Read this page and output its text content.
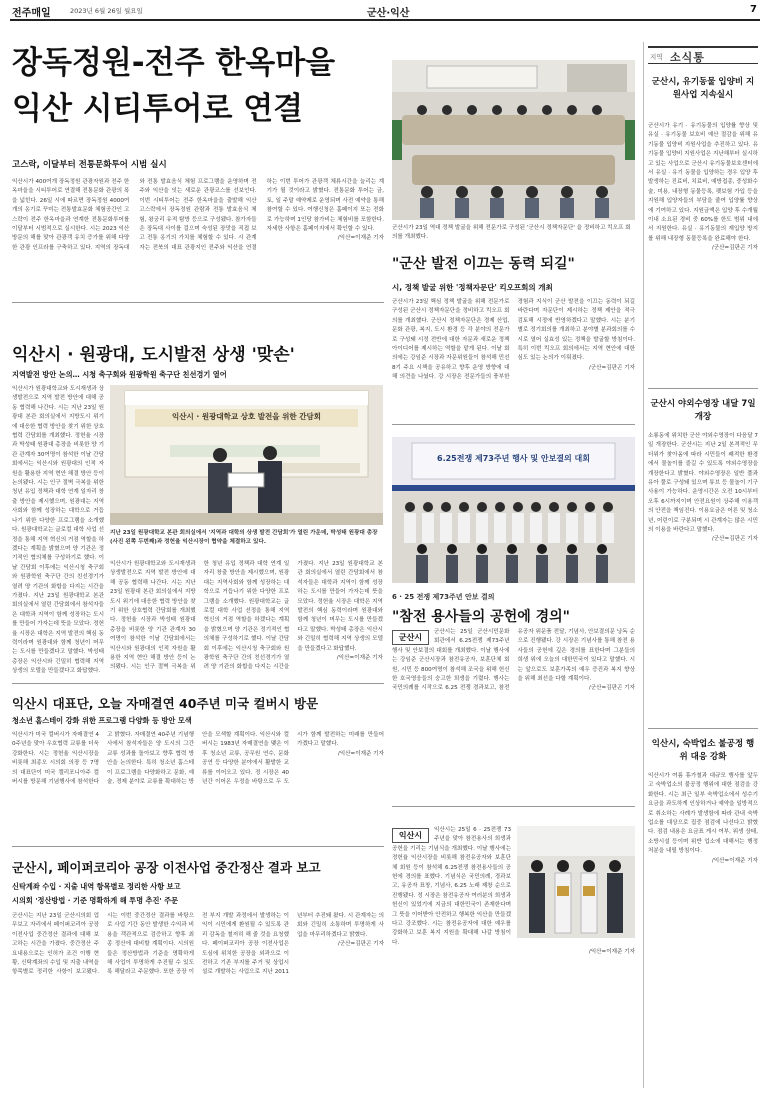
전주매일	2023년 6월 26일 월요일	군산·익산	7
장독정원-전주 한옥마을
익산 시티투어로 연결
고스락, 이달부터 전통문화투어 시범 실시
익산시가 400여개 장독정원 관광자원과 전주 한옥마을을 시티투어로 연결해 전통문화 관광의 폭을 넓힌다. 26일 시에 따르면 장독정원 4000여개의 옹기로 꾸미는 전통발효문화 체험공간인 고스락이 전주 한옥마을과 연계한 전통문화투어를 이달부터 시범적으로 실시한다. 시는 2023 익산방문의 해를 맞아 관광객 유치 증가를 위해 다양한 관광 인프라를 구축하고 있다. 지역의 장독대와 전통 발효음식 체험 프로그램을 운영하며 전주와 익산을 잇는 새로운 관광코스를 선보인다. 이번 시티투어는 전주 한옥마을을 출발해 익산 고스락에서 장독정원 관람과 전통 발효음식 체험, 왕궁리 유적 탐방 등으로 구성됐다. 참가자들은 장독대 사이를 걸으며 숙성된 장맛을 직접 보고 전통 옹기의 가치를 체험할 수 있다. 시 관계자는 전북의 대표 관광지인 전주와 익산을 연결하는 이번 투어가 관광객 체류시간을 늘리는 계기가 될 것이라고 밝혔다. 전통문화 투어는 금, 토, 일 주말 예약제로 운영되며 사전 예약을 통해 참여할 수 있다. 여행신청은 홈페이지 또는 전화로 가능하며 1인당 참가비는 체험비를 포함한다. 자세한 사항은 홈페이지에서 확인할 수 있다.
/익산=이재준 기자
군산시가 23일 역대 정책 발굴을 위해 전문가로 구성된 '군산시 정책자문단' 을 정비하고 킥오프 회의를 개최했다.
"군산 발전 이끄는 동력 되길"
시, 정책 발굴 위한 '정책자문단' 킥오프회의 개최
군산시가 23일 핵심 정책 발굴을 위해 전문가로 구성된 군산시 정책자문단을 정비하고 킥오프 회의를 개최했다. 군산시 정책자문단은 경제 산업, 문화 관광, 복지, 도시 환경 등 각 분야의 전문가로 구성돼 시정 전반에 대한 자문과 새로운 정책 아이디어를 제시하는 역할을 맡게 된다. 이날 회의에는 강임준 시장과 자문위원들이 참석해 민선 8기 주요 시책을 공유하고 향후 운영 방향에 대해 의견을 나눴다. 강 시장은 전문가들의 풍부한 경험과 지식이 군산 발전을 이끄는 동력이 되길 바란다며 자문단이 제시하는 정책 제안을 적극 검토해 시정에 반영하겠다고 말했다. 시는 분기별로 정기회의를 개최하고 분야별 분과회의를 수시로 열어 실효성 있는 정책을 발굴할 방침이다. 특히 이번 킥오프 회의에서는 지역 현안에 대한 심도 있는 논의가 이뤄졌다.
/군산=김판곤 기자
익산시 · 원광대, 도시발전 상생 '맞손'
지역발전 방안 논의… 시청 축구회와 원광학원 축구단 친선경기 열어
익산시가 원광대학교와 도시재생과 상생발전으로 지역 발전 방안에 대해 공동 협력해 나간다. 시는 지난 23일 원광대 본관 회의실에서 지방도시 위기에 대응한 협력 방안을 찾기 위한 상호협력 간담회를 개최했다. 정헌율 시장과 박성태 원광대 총장을 비롯한 양 기관 관계자 30여명이 참석한 이날 간담회에서는 익산시와 원광대의 인적 자원을 활용한 지역 현안 해결 방안 등이 논의됐다. 시는 인구 절벽 극복을 위한 청년 유입 정책과 대학 연계 일자리 창출 방안을 제시했으며, 원광대는 지역사회와 함께 성장하는 대학으로 거듭나기 위한 다양한 프로그램을 소개했다. 원광대학교는 글로컬 대학 사업 선정을 통해 지역 혁신의 거점 역할을 하겠다는 계획을 밝혔으며 양 기관은 정기적인 협의체를 구성하기로 했다. 이날 간담회 이후에는 익산시청 축구회와 원광학원 축구단 간의 친선경기가 열려 양 기관의 화합을 다지는 시간을 가졌다. 지난 23일 원광대학교 본관 회의실에서 열린 간담회에서 참석자들은 대학과 지역이 함께 성장하는 도시를 만들어 가자는데 뜻을 모았다. 정헌율 시장은 대학은 지역 발전의 핵심 동력이라며 원광대와 함께 청년이 머무는 도시를 만들겠다고 말했다. 박성태 총장은 익산시와 긴밀히 협력해 지역 상생의 모델을 만들겠다고 화답했다.
익산시 · 원광대학교 상호 발전을 위한 간담회
지난 23일 원광대학교 본관 회의실에서 '지역과 대학의 상생 발전 간담회'가 열린 가운데, 박성태 원광대 총장(사진 왼쪽 두번째)과 정헌율 익산시장이 협약을 체결하고 있다.
익산시가 원광대학교와 도시재생과 상생발전으로 지역 발전 방안에 대해 공동 협력해 나간다. 시는 지난 23일 원광대 본관 회의실에서 지방도시 위기에 대응한 협력 방안을 찾기 위한 상호협력 간담회를 개최했다. 정헌율 시장과 박성태 원광대 총장을 비롯한 양 기관 관계자 30여명이 참석한 이날 간담회에서는 익산시와 원광대의 인적 자원을 활용한 지역 현안 해결 방안 등이 논의됐다. 시는 인구 절벽 극복을 위한 청년 유입 정책과 대학 연계 일자리 창출 방안을 제시했으며, 원광대는 지역사회와 함께 성장하는 대학으로 거듭나기 위한 다양한 프로그램을 소개했다. 원광대학교는 글로컬 대학 사업 선정을 통해 지역 혁신의 거점 역할을 하겠다는 계획을 밝혔으며 양 기관은 정기적인 협의체를 구성하기로 했다. 이날 간담회 이후에는 익산시청 축구회와 원광학원 축구단 간의 친선경기가 열려 양 기관의 화합을 다지는 시간을 가졌다. 지난 23일 원광대학교 본관 회의실에서 열린 간담회에서 참석자들은 대학과 지역이 함께 성장하는 도시를 만들어 가자는데 뜻을 모았다. 정헌율 시장은 대학은 지역 발전의 핵심 동력이라며 원광대와 함께 청년이 머무는 도시를 만들겠다고 말했다. 박성태 총장은 익산시와 긴밀히 협력해 지역 상생의 모델을 만들겠다고 화답했다.
/익산=이재준 기자
6.25전쟁 제73주년 행사 및 안보결의 대회
6 · 25 전쟁 제73주년 안보 결의
"참전 용사들의 공헌에 경의"
군산시
군산시는 25일 군산시민문화회관에서 6.25전쟁 제73주년 행사 및 안보결의 대회를 개최했다. 이날 행사에는 강임준 군산시장과 참전유공자, 보훈단체 회원, 시민 등 800여명이 참석해 조국을 위해 헌신한 호국영웅들의 숭고한 희생을 기렸다. 행사는 국민의례를 시작으로 6.25 전쟁 경과보고, 참전유공자 위문품 전달, 기념사, 안보결의문 낭독 순으로 진행됐다. 강 시장은 기념사를 통해 참전 용사들의 공헌에 깊은 경의를 표한다며 그분들의 희생 위에 오늘의 대한민국이 있다고 말했다. 시는 앞으로도 보훈가족의 예우 증진과 복지 향상을 위해 최선을 다할 계획이다.
/군산=김판곤 기자
익산시 대표단, 오늘 자매결연 40주년 미국 컬버시 방문
청소년 홈스테이 강화 위한 프로그램 다양화 등 방안 모색
익산시가 미국 컬버시가 자매결연 40주년을 맞아 우호협력 교류를 더욱 강화한다. 시는 정헌율 익산시장을 비롯해 최종오 시의회 의장 등 7명의 대표단이 미국 캘리포니아주 컬버시를 방문해 기념행사에 참석한다고 밝혔다. 자매결연 40주년 기념행사에서 참석자들은 양 도시의 그간 교류 성과를 돌아보고 향후 협력 방안을 논의한다. 특히 청소년 홈스테이 프로그램을 다양화하고 문화, 예술, 경제 분야로 교류를 확대하는 방안을 모색할 계획이다. 익산시와 컬버시는 1983년 자매결연을 맺은 이후 청소년 교류, 공무원 연수, 문화공연 등 다양한 분야에서 활발한 교류를 이어오고 있다. 정 시장은 40년간 이어온 우정을 바탕으로 두 도시가 함께 발전하는 미래를 만들어 가겠다고 말했다.
/익산=이재준 기자
군산시, 페이퍼코리아 공장 이전사업 중간정산 결과 보고
신탁계좌 수입 · 지출 내역 항목별로 정리한 사항 보고
시의회 '정산방법 · 기준 명확하게 해 투명 추진' 주문
군산시는 지난 23일 군산시의회 업무보고 자리에서 페이퍼코리아 공장 이전사업 중간정산 결과에 대해 보고하는 시간을 가졌다. 중간정산 주요내용으로는 인허가 조건 이행 현황, 신탁계좌의 수입 및 지출 내역을 항목별로 정리한 사항이 보고됐다. 시는 이번 중간정산 결과를 바탕으로 사업 기간 동안 발생한 수익과 비용을 객관적으로 검증하고 향후 최종 정산에 대비할 계획이다. 시의원들은 정산방법과 기준을 명확하게 해 사업이 투명하게 추진될 수 있도록 해달라고 주문했다. 또한 공장 이전 부지 개발 과정에서 발생하는 이익이 시민에게 환원될 수 있도록 관리 감독을 철저히 해 줄 것을 요청했다. 페이퍼코리아 공장 이전사업은 도심에 위치한 공장을 외곽으로 이전하고 기존 부지를 주거 및 상업시설로 개발하는 사업으로 지난 2011년부터 추진돼 왔다. 시 관계자는 의회와 긴밀히 소통하며 투명하게 사업을 마무리하겠다고 밝혔다.
/군산=김판곤 기자
익산시
익산시는 25일 6 · 25전쟁 73주년을 맞아 참전용사의 희생과 공헌을 기리는 기념식을 개최했다. 이날 행사에는 정헌율 익산시장을 비롯해 참전유공자와 보훈단체 회원 등이 참석해 6.25전쟁 참전용사들의 공헌에 경의를 표했다. 기념식은 국민의례, 경과보고, 유공자 표창, 기념사, 6.25 노래 제창 순으로 진행됐다. 정 시장은 참전유공자 여러분의 희생과 헌신이 있었기에 지금의 대한민국이 존재한다며 그 뜻을 이어받아 안전하고 행복한 익산을 만들겠다고 강조했다. 시는 참전유공자에 대한 예우를 강화하고 보훈 복지 지원을 확대해 나갈 방침이다.
/익산=이재준 기자
지역 소식통
군산시, 유기동물 입양비 지원사업 지속실시
군산시가 유기 · 유기동물의 입양률 향상 및 유실 · 유기동물 보호비 예산 절감을 위해 유기동물 입양비 지원사업을 추진하고 있다. 유기동물 입양비 지원사업은 지난해부터 실시하고 있는 사업으로 군산시 유기동물보호센터에서 유실 · 유기 동물을 입양하는 경우 입양 후 발생하는 진료비, 치료비, 예방접종, 중성화수술, 미용, 내장형 동물등록, 펫보험 가입 등을 지원해 입양자들의 부담을 줄여 입양률 향상에 기여하고 있다. 지원금액은 입양 후 수개월 이내 소요된 경비 중 60%를 한도 범위 내에서 지원한다. 유실 · 유기동물의 재입양 방지를 위해 내장형 동물등록을 완료해야 한다.
/군산=김판곤 기자
군산시 야외수영장 내달 7일 개장
소룡동에 위치한 군산 야외수영장이 다음달 7일 개장한다. 군산시는 지난 2일 본격적인 무더위가 찾아옴에 따라 시민들이 쾌적한 환경에서 물놀이를 즐길 수 있도록 야외수영장을 개장한다고 밝혔다. 야외수영장은 일반 풀과 유아 풀로 구성돼 있으며 튜브 등 물놀이 기구 사용이 가능하다. 운영시간은 오전 10시부터 오후 6시까지이며 안전요원이 상주해 이용객의 안전을 책임진다. 이용요금은 어른 및 청소년, 어린이로 구분되며 시 관계자는 많은 시민의 이용을 바란다고 말했다.
/군산=김판곤 기자
익산시, 숙박업소 불공정 행위 대응 강화
익산시가 여름 휴가철과 대규모 행사를 앞두고 숙박업소의 불공정 행위에 대한 점검을 강화한다. 시는 최근 일부 숙박업소에서 성수기 요금을 과도하게 인상하거나 예약을 일방적으로 취소하는 사례가 발생함에 따라 관내 숙박업소를 대상으로 집중 점검에 나선다고 밝혔다. 점검 내용은 요금표 게시 여부, 위생 상태, 소방시설 등이며 위반 업소에 대해서는 행정처분을 내릴 방침이다.
/익산=이재준 기자
